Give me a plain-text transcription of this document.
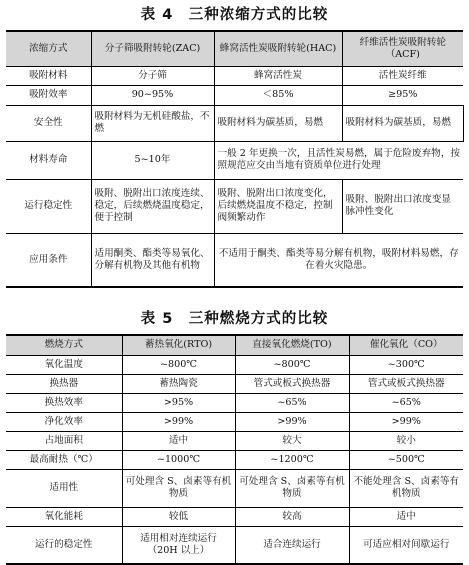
表 4　三种浓缩方式的比较
浓缩方式	分子筛吸附转轮(ZAC)	蜂窝活性炭吸附转轮(HAC)	纤维活性炭吸附转轮（ACF)
吸附材料	分子筛	蜂窝活性炭	活性炭纤维
吸附效率	90~95%	＜85%	≥95%
安全性	吸附材料为无机硅酸盐，不燃	吸附材料为碳基质，易燃	吸附材料为碳基质，易燃
材料寿命	5~10年	一般 2 年更换一次，且活性炭易燃，属于危险废弃物，按照规范应交由当地有资质单位进行处理	
运行稳定性	吸附、脱附出口浓度连续、稳定，后续燃烧温度稳定，便于控制	吸附、脱附出口浓度变化，后续燃烧温度不稳定，控制阀频繁动作	吸附、脱附出口浓度变显脉冲性变化
应用条件	适用酮类、酯类等易氧化、分解有机物及其他有机物	不适用于酮类、酯类等易分解有机物，吸附材料易燃，存在着火灾隐患。	
表 5　三种燃烧方式的比较
燃烧方式	蓄热氧化(RTO)	直接氧化燃烧(TO)	催化氧化（CO）
氧化温度	~800℃	~800℃	~300℃
换热器	蓄热陶瓷	管式或板式换热器	管式或板式换热器
换热效率	>95%	~65%	~65%
净化效率	>99%	>99%	>99%
占地面积	适中	较大	较小
最高耐热（℃）	~1000℃	~1200℃	~500℃
适用性	可处理含 S、卤素等有机物质	可处理含 S、卤素等有机物质	不能处理含 S、卤素等有机物质
氧化能耗	较低	较高	适中
运行的稳定性	适用相对连续运行（20H 以上）	适合连续运行	可适应相对间歇运行
